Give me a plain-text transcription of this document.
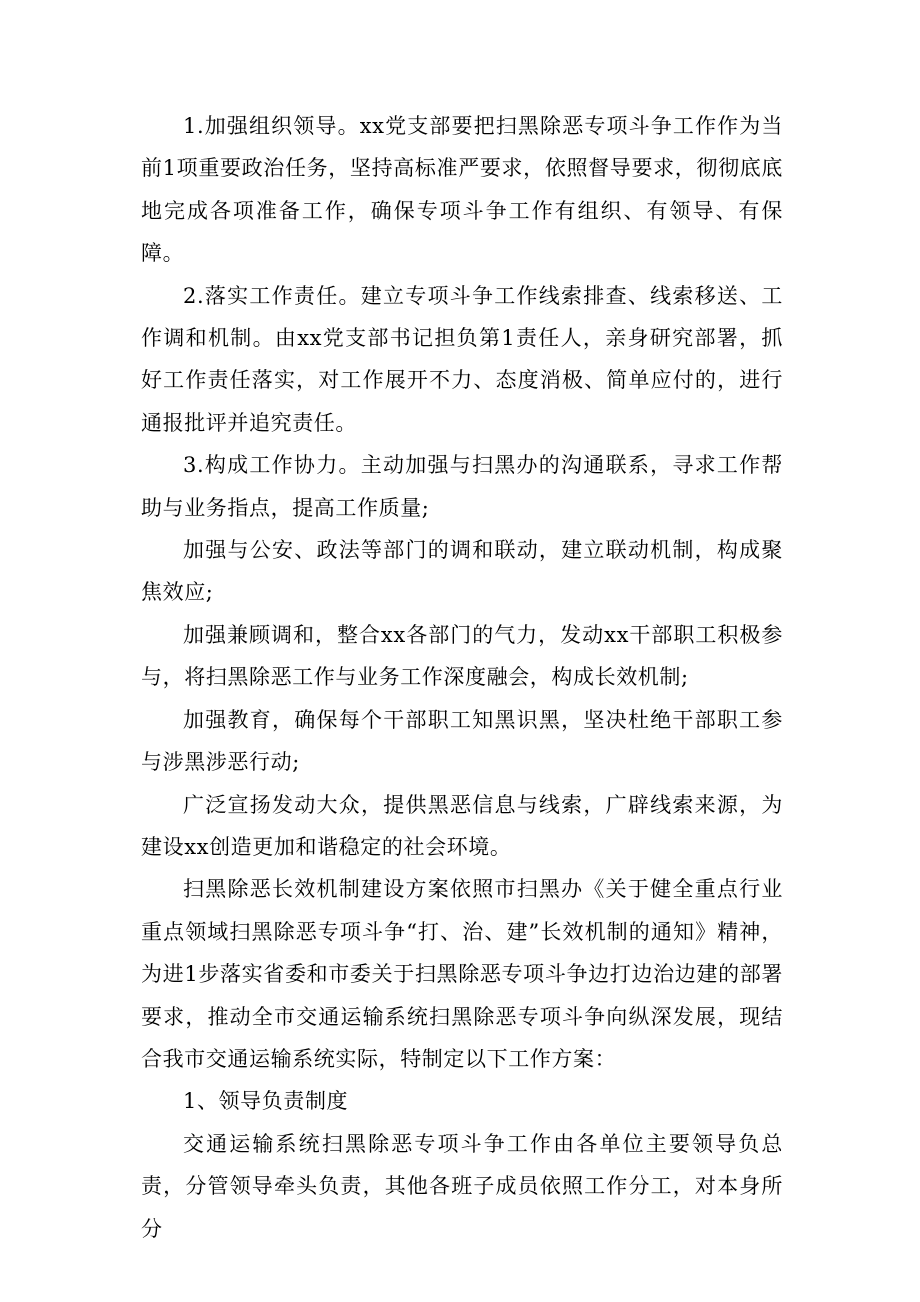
1.加强组织领导。xx党支部要把扫黑除恶专项斗争工作作为当前1项重要政治任务，坚持高标准严要求，依照督导要求，彻彻底底地完成各项准备工作，确保专项斗争工作有组织、有领导、有保障。

2.落实工作责任。建立专项斗争工作线索排查、线索移送、工作调和机制。由xx党支部书记担负第1责任人，亲身研究部署，抓好工作责任落实，对工作展开不力、态度消极、简单应付的，进行通报批评并追究责任。

3.构成工作协力。主动加强与扫黑办的沟通联系，寻求工作帮助与业务指点，提高工作质量;

加强与公安、政法等部门的调和联动，建立联动机制，构成聚焦效应;

加强兼顾调和，整合xx各部门的气力，发动xx干部职工积极参与，将扫黑除恶工作与业务工作深度融会，构成长效机制;

加强教育，确保每个干部职工知黑识黑，坚决杜绝干部职工参与涉黑涉恶行动;

广泛宣扬发动大众，提供黑恶信息与线索，广辟线索来源，为建设xx创造更加和谐稳定的社会环境。

扫黑除恶长效机制建设方案依照市扫黑办《关于健全重点行业重点领域扫黑除恶专项斗争“打、治、建”长效机制的通知》精神，为进1步落实省委和市委关于扫黑除恶专项斗争边打边治边建的部署要求，推动全市交通运输系统扫黑除恶专项斗争向纵深发展，现结合我市交通运输系统实际，特制定以下工作方案：

1、领导负责制度

交通运输系统扫黑除恶专项斗争工作由各单位主要领导负总责，分管领导牵头负责，其他各班子成员依照工作分工，对本身所分
